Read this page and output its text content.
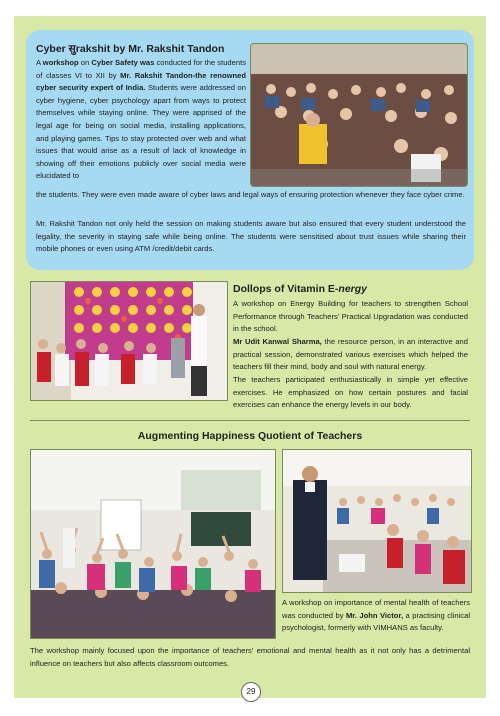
Cyber सुrakshit by Mr. Rakshit Tandon
A workshop on Cyber Safety was conducted for the students of classes VI to XII by Mr. Rakshit Tandon-the renowned cyber security expert of India. Students were addressed on cyber hygiene, cyber psychology apart from ways to protect themselves while staying online. They were apprised of the legal age for being on social media, installing applications, and playing games. Tips to stay protected over web and what issues that would arise as a result of lack of knowledge in showing off their emotions publicly over social media were elucidated to
the students. They were even made aware of cyber laws and legal ways of ensuring protection whenever they face cyber crime.
Mr. Rakshit Tandon not only held the session on making students aware but also ensured that every student understood the legality, the severity in staying safe while being online. The students were sensitised about trust issues while sharing their mobile phones or even using ATM /credit/debit cards.
Dollops of Vitamin E-nergy
A workshop on Energy Building for teachers to strengthen School Performance through Teachers' Practical Upgradation was conducted in the school.
Mr Udit Kanwal Sharma, the resource person, in an interactive and practical session, demonstrated various exercises which helped the teachers fill their mind, body and soul with natural energy.
The teachers participated enthusiastically in simple yet effective exercises. He emphasized on how certain postures and facial exercises can enhance the energy levels in our body.
Augmenting Happiness Quotient of Teachers
A workshop on importance of mental health of teachers was conducted by Mr. John Victor, a practising clinical psychologist, formerly with VIMHANS as faculty.
The workshop mainly focused upon the importance of teachers' emotional and mental health as it not only has a detrimental influence on teachers but also affects classroom outcomes.
29
